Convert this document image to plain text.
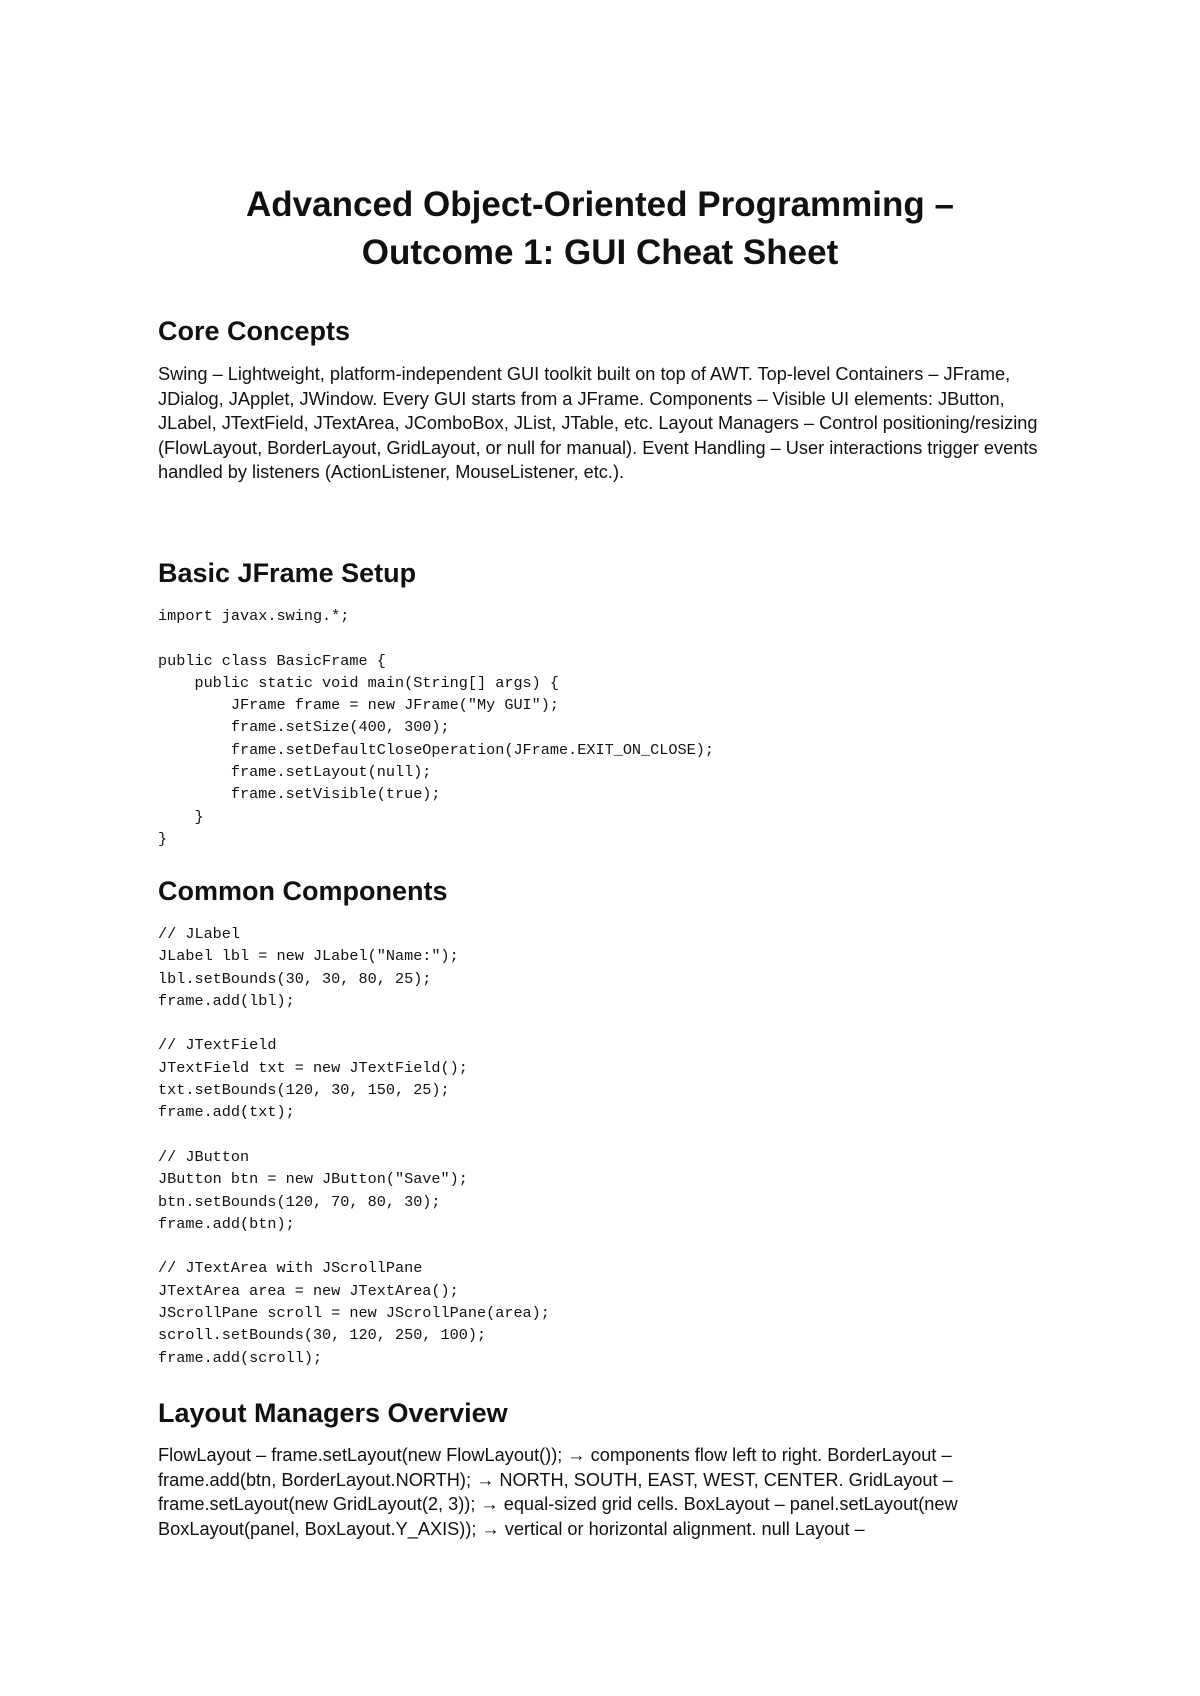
Advanced Object-Oriented Programming –
Outcome 1: GUI Cheat Sheet
Core Concepts

Swing – Lightweight, platform-independent GUI toolkit built on top of AWT. Top-level Containers – JFrame, JDialog, JApplet, JWindow. Every GUI starts from a JFrame. Components – Visible UI elements: JButton, JLabel, JTextField, JTextArea, JComboBox, JList, JTable, etc. Layout Managers – Control positioning/resizing (FlowLayout, BorderLayout, GridLayout, or null for manual). Event Handling – User interactions trigger events handled by listeners (ActionListener, MouseListener, etc.).

Basic JFrame Setup
import javax.swing.*;

public class BasicFrame {
public static void main(String[] args) {
JFrame frame = new JFrame("My GUI");
frame.setSize(400, 300);
frame.setDefaultCloseOperation(JFrame.EXIT_ON_CLOSE);
frame.setLayout(null);
frame.setVisible(true);
}
}
Common Components
// JLabel
JLabel lbl = new JLabel("Name:");
lbl.setBounds(30, 30, 80, 25);
frame.add(lbl);

// JTextField
JTextField txt = new JTextField();
txt.setBounds(120, 30, 150, 25);
frame.add(txt);

// JButton
JButton btn = new JButton("Save");
btn.setBounds(120, 70, 80, 30);
frame.add(btn);

// JTextArea with JScrollPane
JTextArea area = new JTextArea();
JScrollPane scroll = new JScrollPane(area);
scroll.setBounds(30, 120, 250, 100);
frame.add(scroll);
Layout Managers Overview

FlowLayout – frame.setLayout(new FlowLayout()); → components flow left to right. BorderLayout – frame.add(btn, BorderLayout.NORTH); → NORTH, SOUTH, EAST, WEST, CENTER. GridLayout – frame.setLayout(new GridLayout(2, 3)); → equal-sized grid cells. BoxLayout – panel.setLayout(new BoxLayout(panel, BoxLayout.Y_AXIS)); → vertical or horizontal alignment. null Layout –
